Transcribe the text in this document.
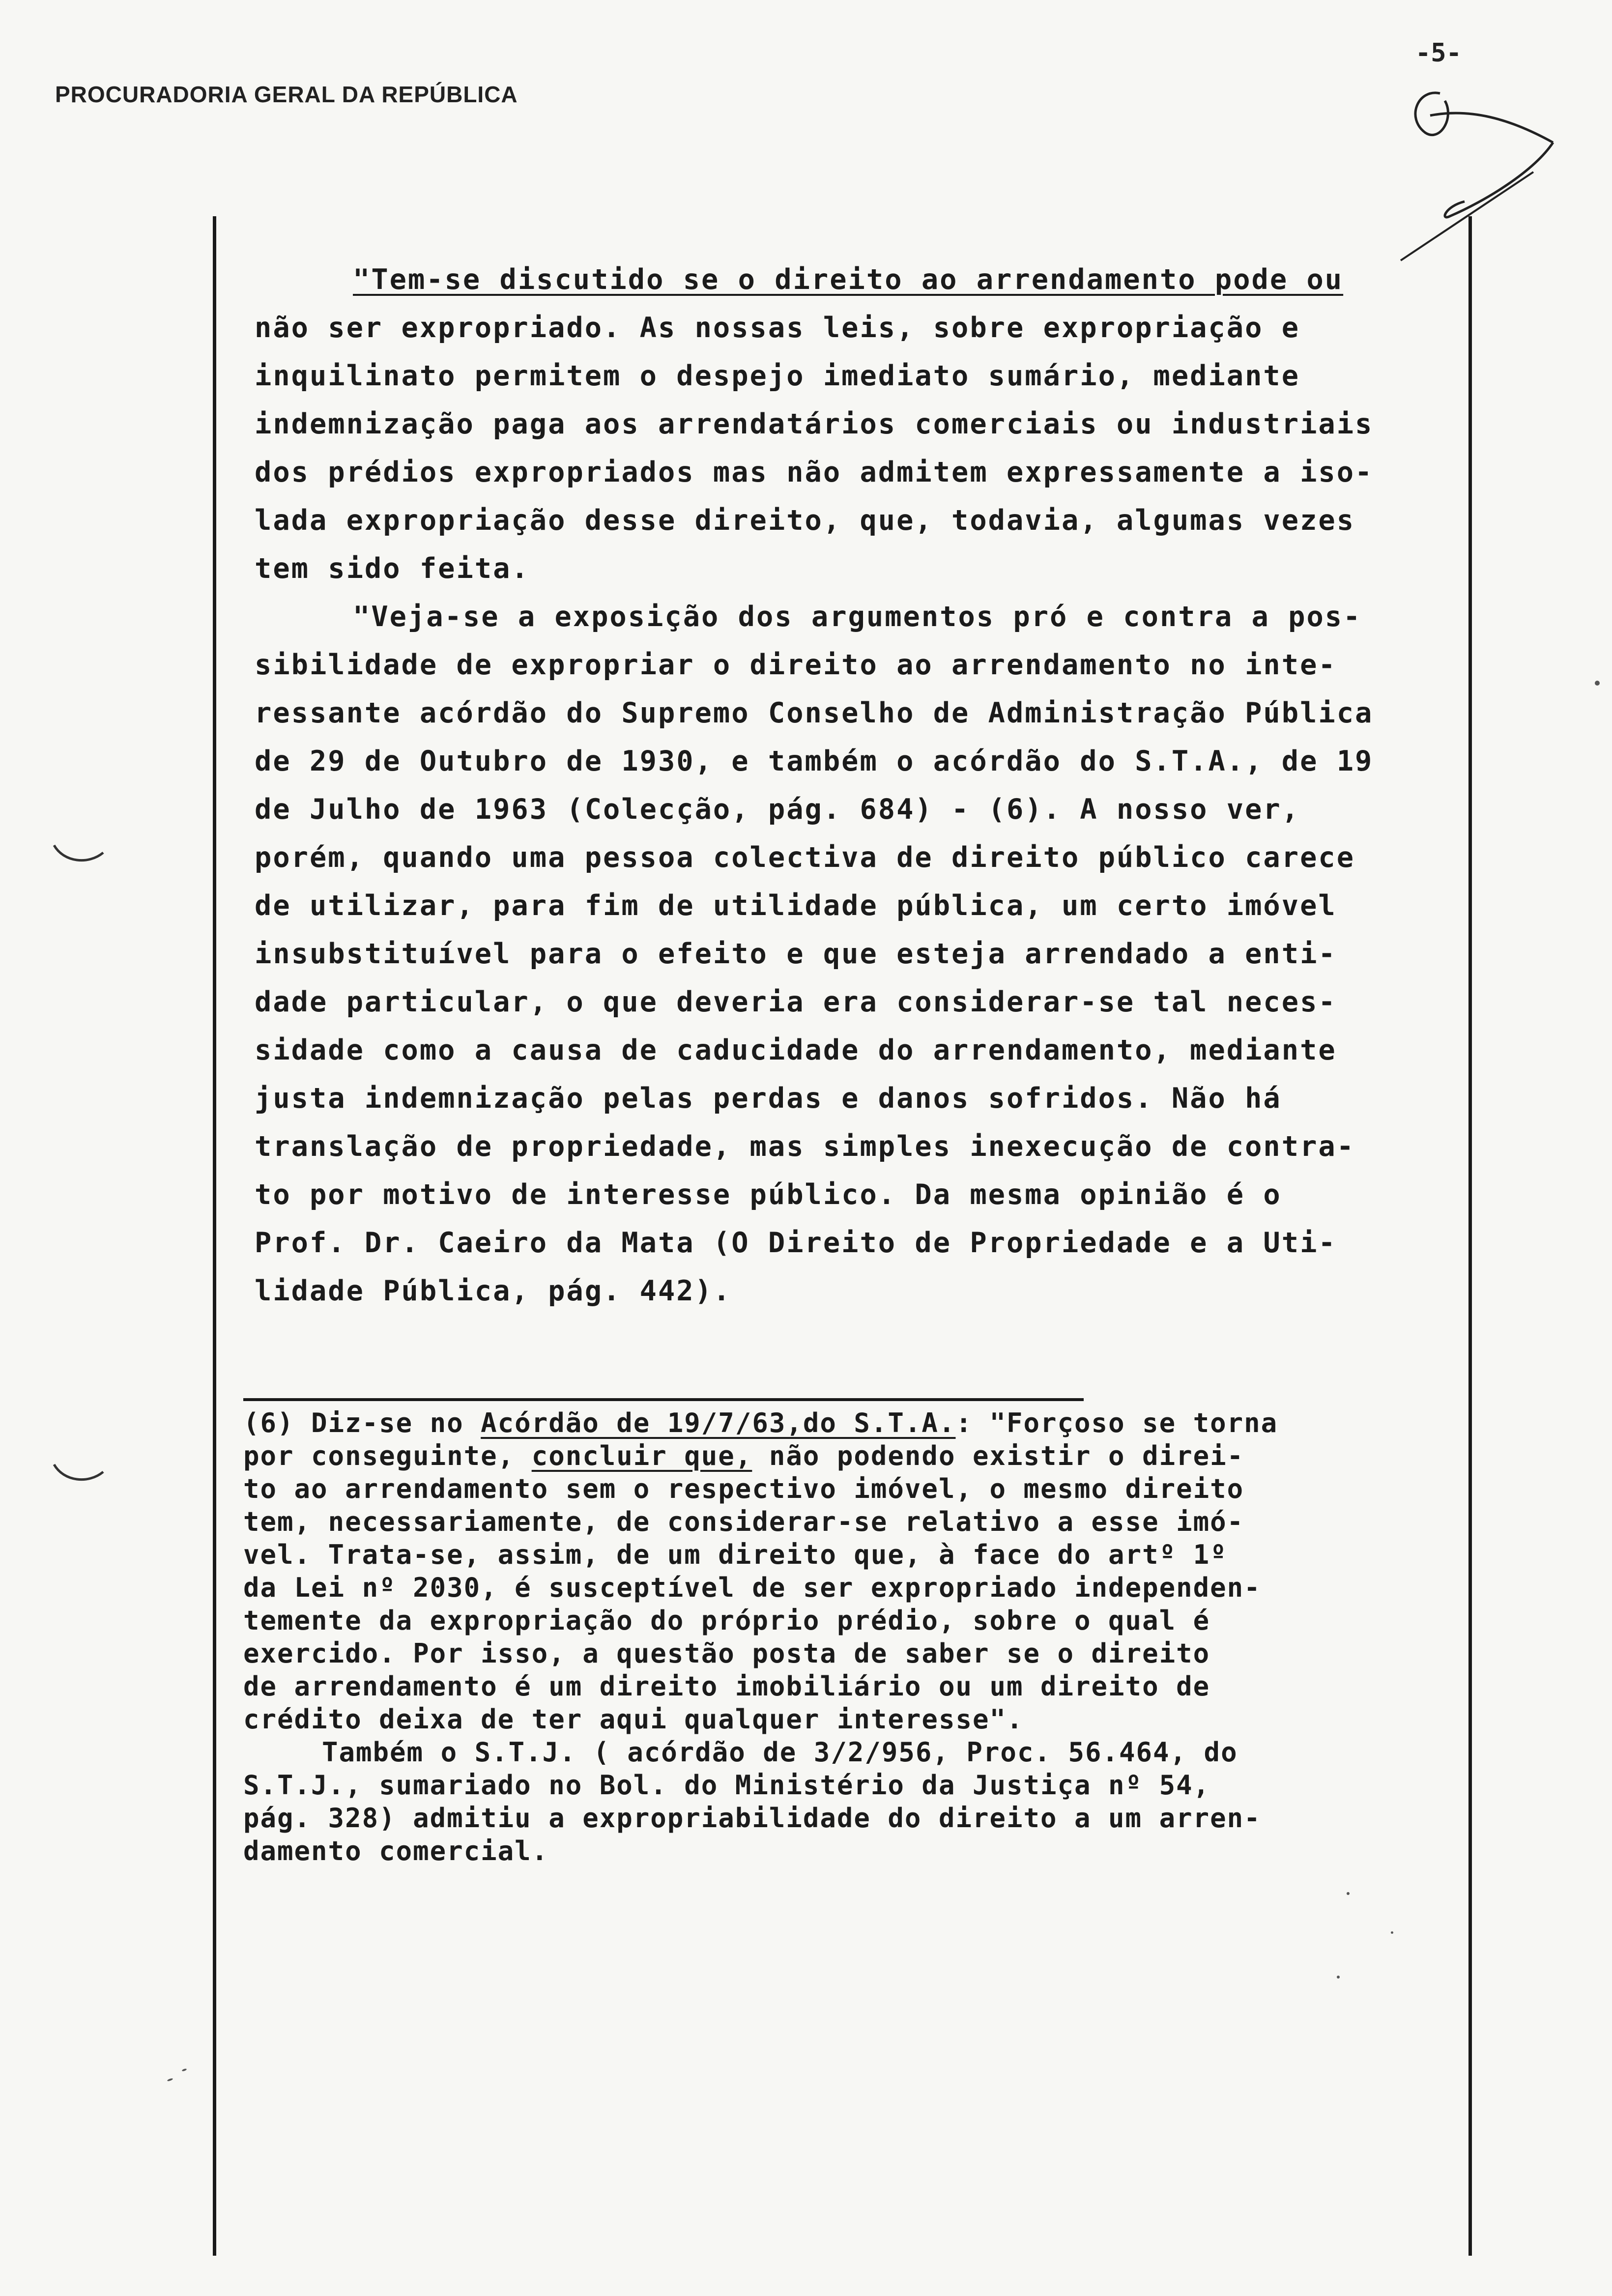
PROCURADORIA GERAL DA REPÚBLICA
-5-
"Tem-se discutido se o direito ao arrendamento pode ou
não ser expropriado. As nossas leis, sobre expropriação e
inquilinato permitem o despejo imediato sumário, mediante
indemnização paga aos arrendatários comerciais ou industriais
dos prédios expropriados mas não admitem expressamente a iso-
lada expropriação desse direito, que, todavia, algumas vezes
tem sido feita.
"Veja-se a exposição dos argumentos pró e contra a pos-
sibilidade de expropriar o direito ao arrendamento no inte-
ressante acórdão do Supremo Conselho de Administração Pública
de 29 de Outubro de 1930, e também o acórdão do S.T.A., de 19
de Julho de 1963 (Colecção, pág. 684) - (6). A nosso ver,
porém, quando uma pessoa colectiva de direito público carece
de utilizar, para fim de utilidade pública, um certo imóvel
insubstituível para o efeito e que esteja arrendado a enti-
dade particular, o que deveria era considerar-se tal neces-
sidade como a causa de caducidade do arrendamento, mediante
justa indemnização pelas perdas e danos sofridos. Não há
translação de propriedade, mas simples inexecução de contra-
to por motivo de interesse público. Da mesma opinião é o
Prof. Dr. Caeiro da Mata (O Direito de Propriedade e a Uti-
lidade Pública, pág. 442).
(6) Diz-se no Acórdão de 19/7/63,do S.T.A.: "Forçoso se torna
por conseguinte, concluir que, não podendo existir o direi-
to ao arrendamento sem o respectivo imóvel, o mesmo direito
tem, necessariamente, de considerar-se relativo a esse imó-
vel. Trata-se, assim, de um direito que, à face do artº 1º
da Lei nº 2030, é susceptível de ser expropriado independen-
temente da expropriação do próprio prédio, sobre o qual é
exercido. Por isso, a questão posta de saber se o direito
de arrendamento é um direito imobiliário ou um direito de
crédito deixa de ter aqui qualquer interesse".
Também o S.T.J. ( acórdão de 3/2/956, Proc. 56.464, do
S.T.J., sumariado no Bol. do Ministério da Justiça nº 54,
pág. 328) admitiu a expropriabilidade do direito a um arren-
damento comercial.
